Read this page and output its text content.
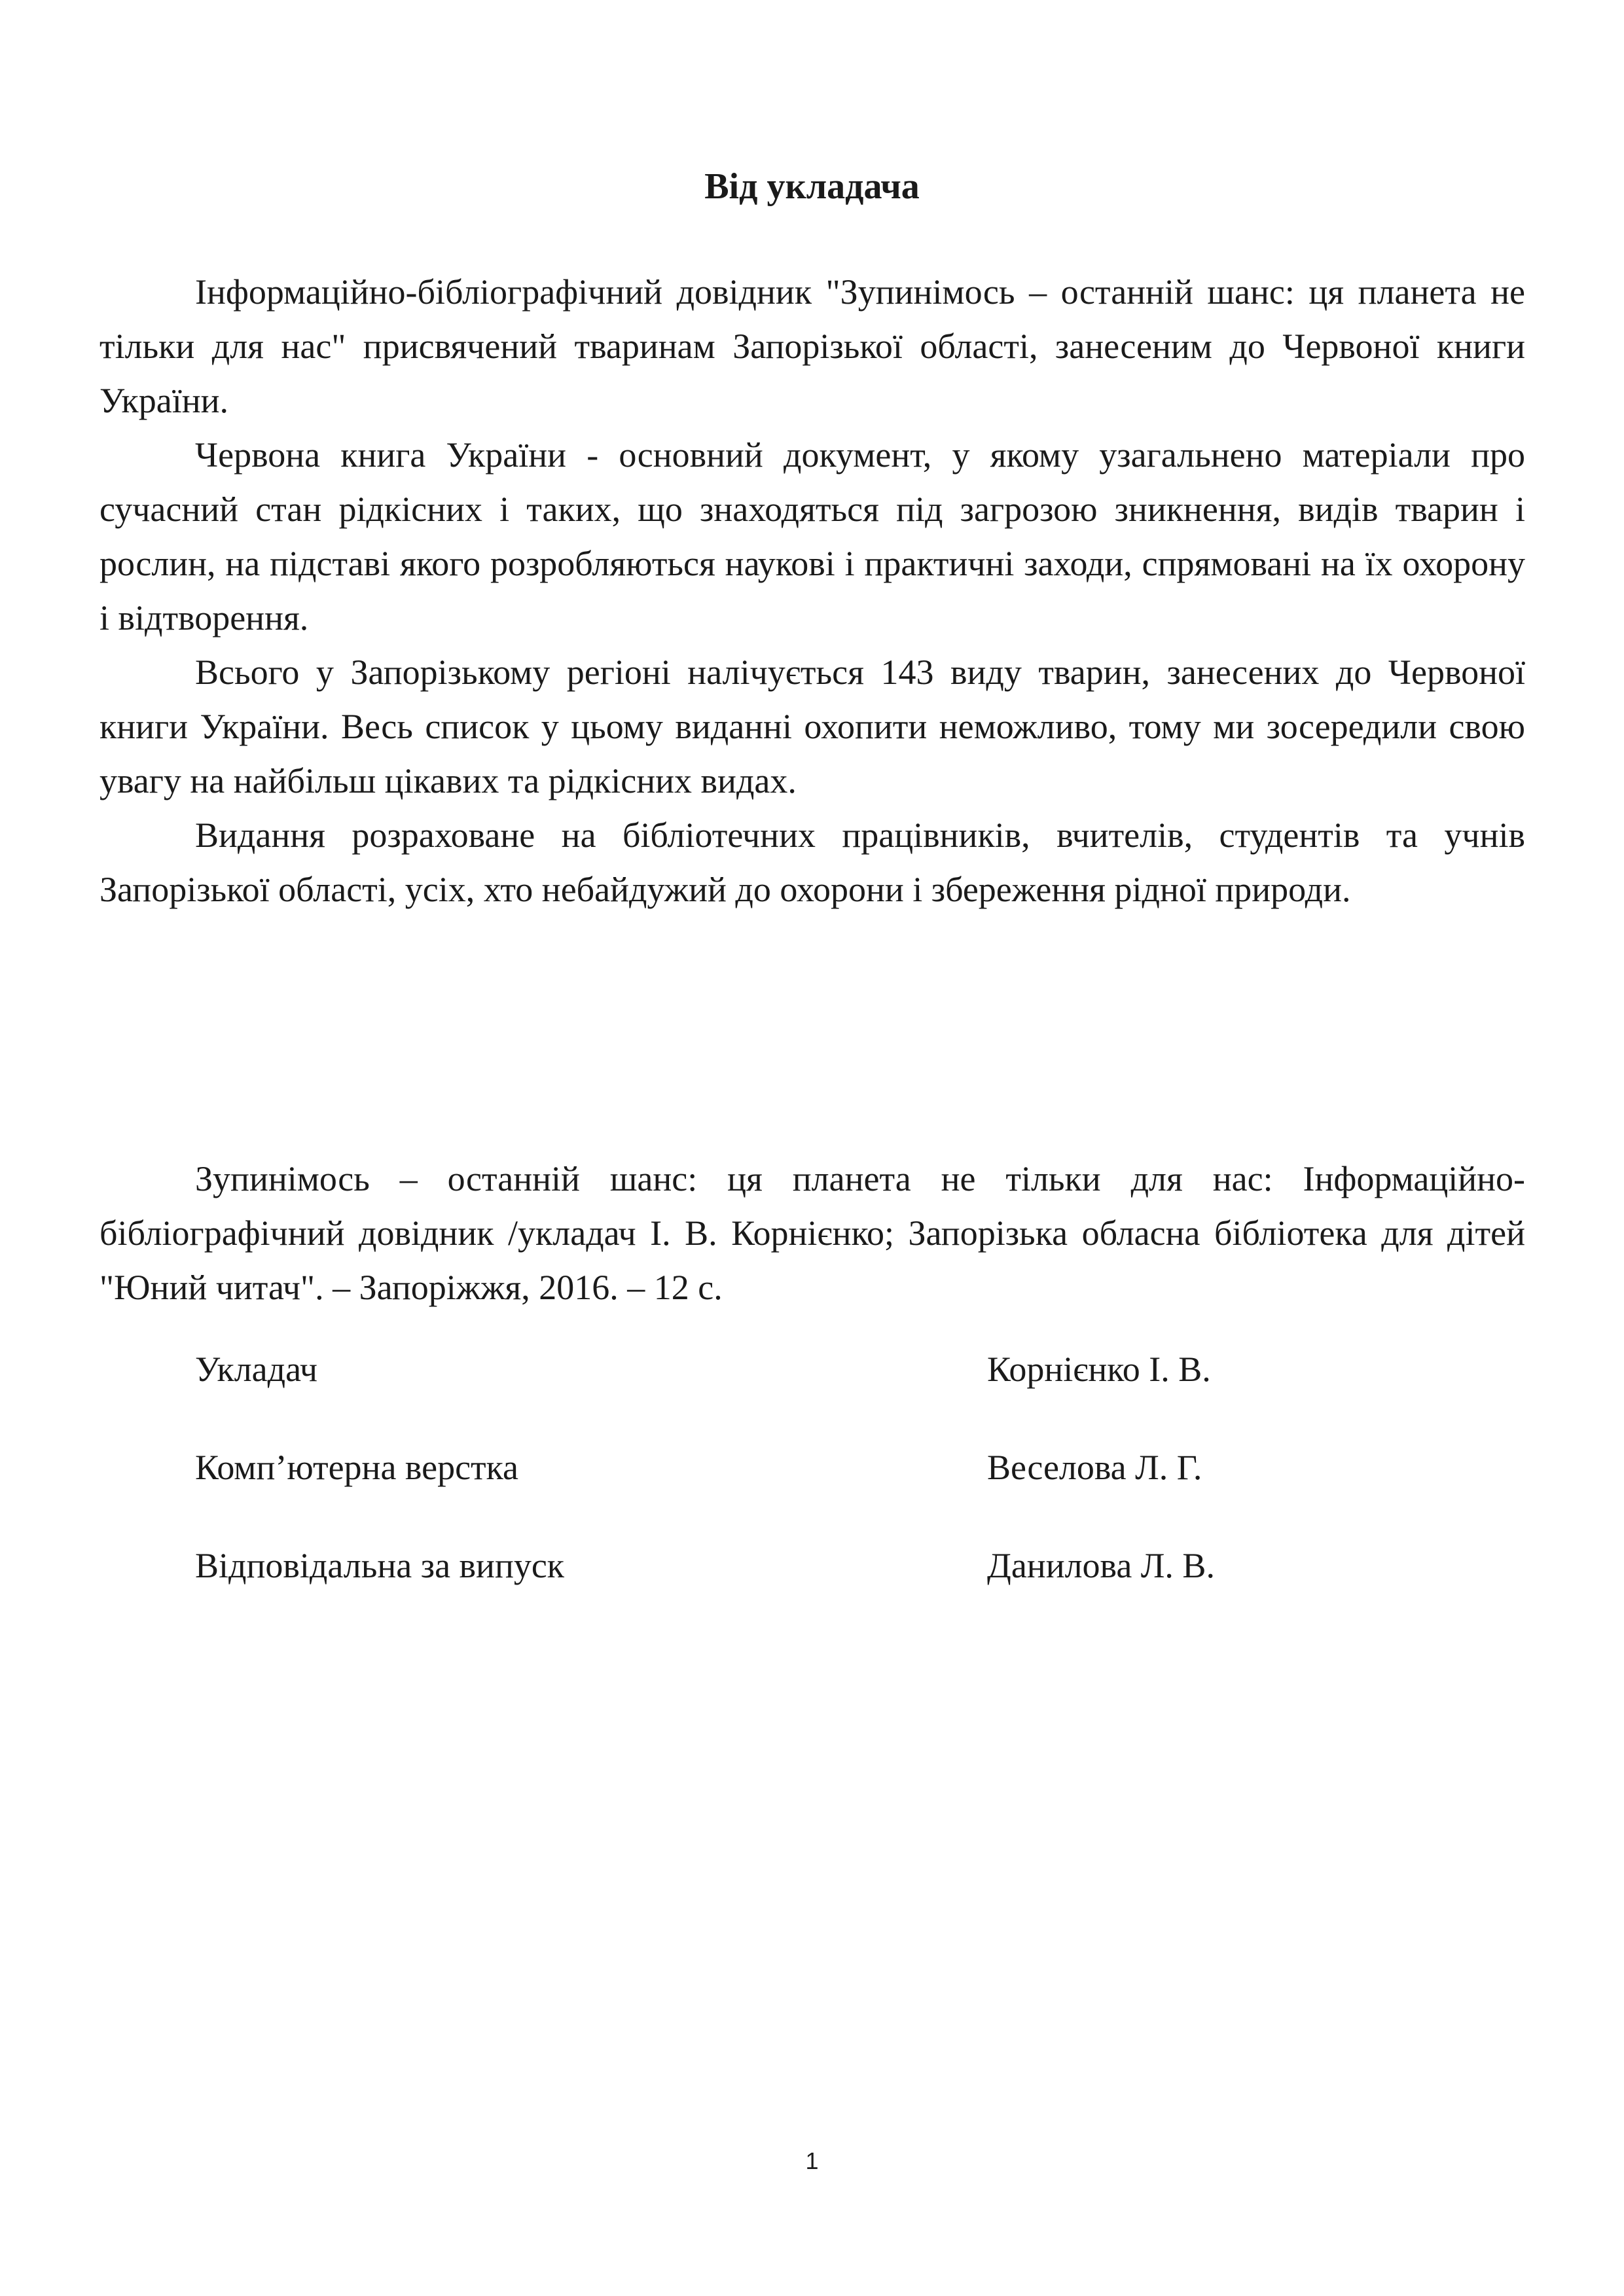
Від укладача

Інформаційно-бібліографічний довідник "Зупинімось – останній шанс: ця планета не тільки для нас" присвячений тваринам Запорізької області, занесеним до Червоної книги України.

Червона книга України - основний документ, у якому узагальнено матеріали про сучасний стан рідкісних і таких, що знаходяться під загрозою зникнення, видів тварин і рослин, на підставі якого розробляються наукові і практичні заходи, спрямовані на їх охорону і відтворення.

Всього у Запорізькому регіоні налічується 143 виду тварин, занесених до Червоної книги України. Весь список у цьому виданні охопити неможливо, тому ми зосередили свою увагу на найбільш цікавих та рідкісних видах.

Видання розраховане на бібліотечних працівників, вчителів, студентів та учнів Запорізької області, усіх, хто небайдужий до охорони і збереження рідної природи.

Зупинімось – останній шанс: ця планета не тільки для нас: Інформаційно-бібліографічний довідник /укладач І. В. Корнієнко; Запорізька обласна бібліотека для дітей "Юний читач". – Запоріжжя, 2016. – 12 с.

Укладач	Корнієнко І. В.
Комп’ютерна верстка	Веселова Л. Г.
Відповідальна за випуск	Данилова Л. В.
1
